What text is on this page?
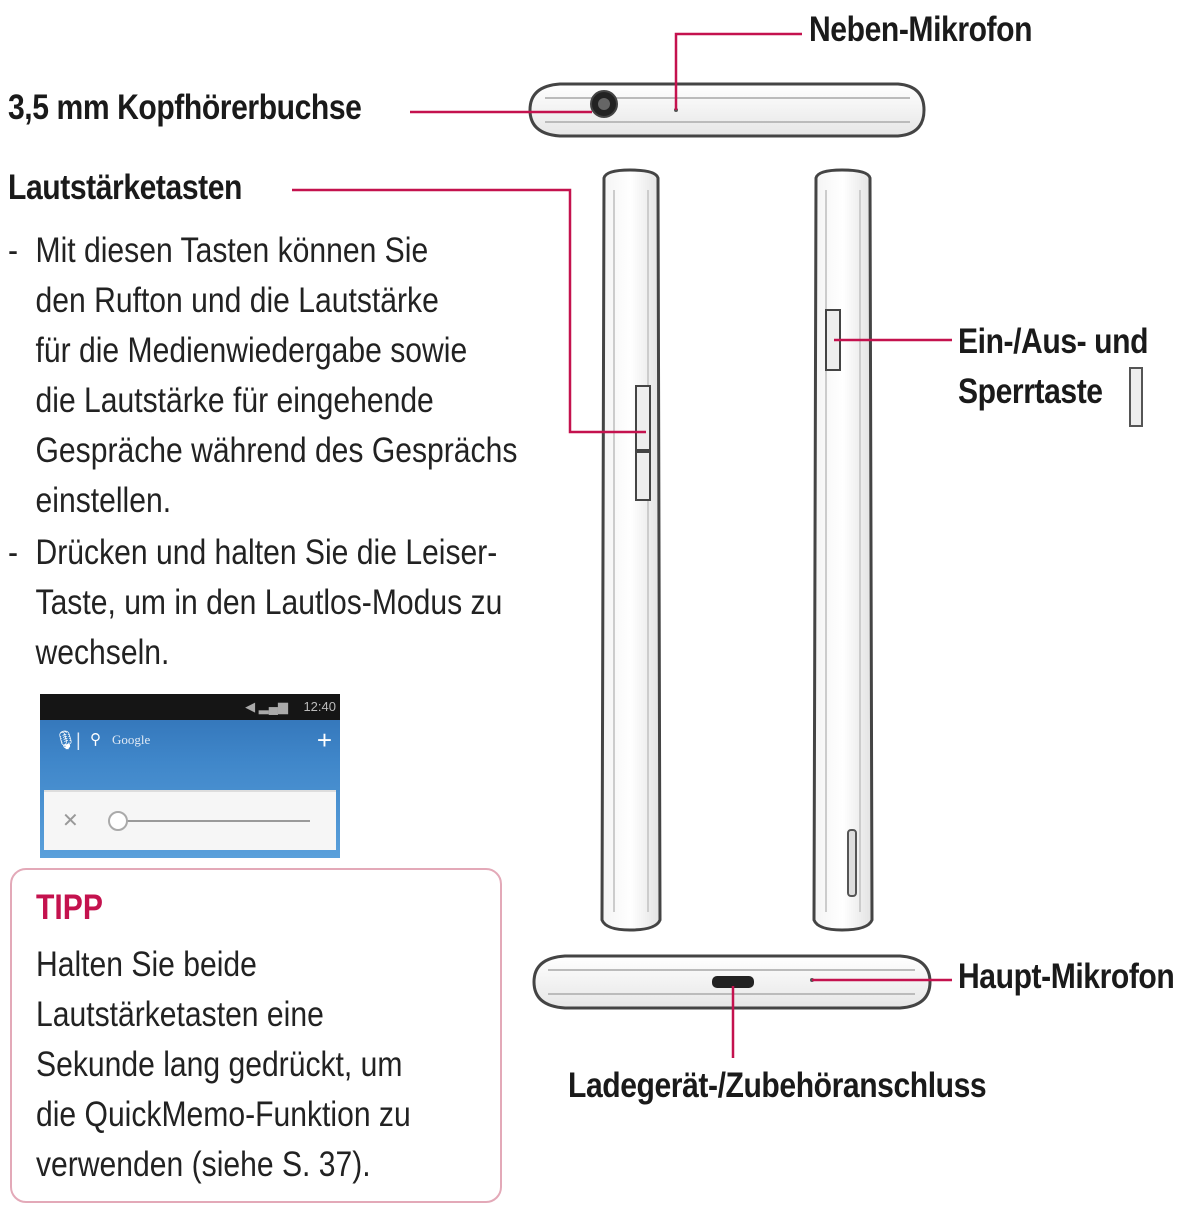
Neben-Mikrofon
3,5 mm Kopfhörerbuchse
Lautstärketasten
Ein-/Aus- und
Sperrtaste
Haupt-Mikrofon
Ladegerät-/Zubehöranschluss
- Mit diesen Tasten können Sie
den Rufton und die Lautstärke
für die Medienwiedergabe sowie
die Lautstärke für eingehende
Gespräche während des Gesprächs
einstellen.
- Drücken und halten Sie die Leiser-
Taste, um in den Lautlos-Modus zu
wechseln.
◀ ▂▄▆ 12:40
🎙 | ⚲ Google	+
✕
TIPP
Halten Sie beide
Lautstärketasten eine
Sekunde lang gedrückt, um
die QuickMemo-Funktion zu
verwenden (siehe S. 37).
